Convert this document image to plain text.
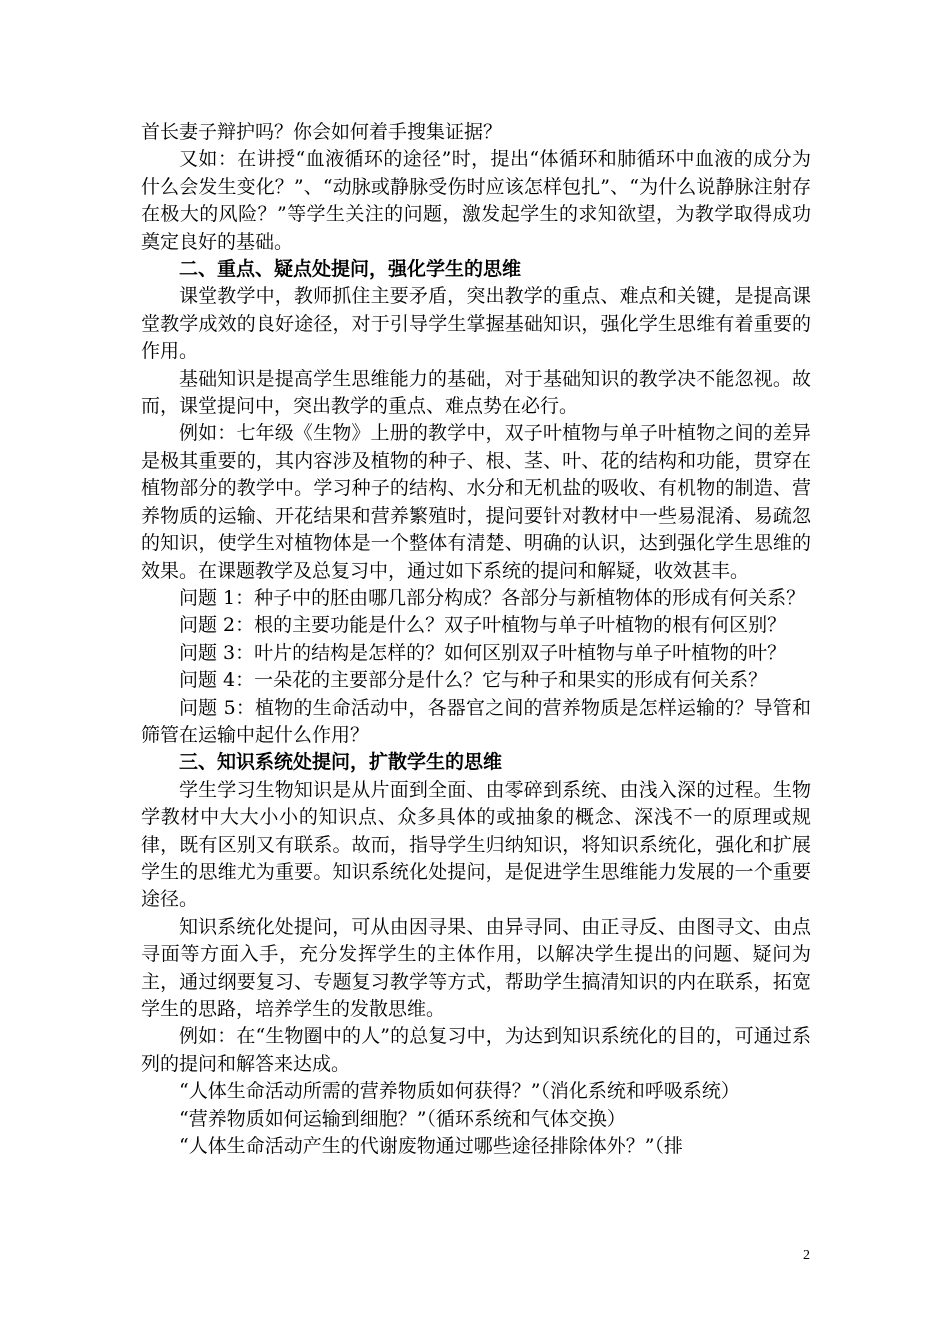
首长妻子辩护吗？你会如何着手搜集证据？

又如：在讲授“血液循环的途径”时，提出“体循环和肺循环中血液的成分为什么会发生变化？”、“动脉或静脉受伤时应该怎样包扎”、“为什么说静脉注射存在极大的风险？”等学生关注的问题，激发起学生的求知欲望，为教学取得成功奠定良好的基础。

二、重点、疑点处提问，强化学生的思维

课堂教学中，教师抓住主要矛盾，突出教学的重点、难点和关键，是提高课堂教学成效的良好途径，对于引导学生掌握基础知识，强化学生思维有着重要的作用。

基础知识是提高学生思维能力的基础，对于基础知识的教学决不能忽视。故而，课堂提问中，突出教学的重点、难点势在必行。

例如：七年级《生物》上册的教学中，双子叶植物与单子叶植物之间的差异是极其重要的，其内容涉及植物的种子、根、茎、叶、花的结构和功能，贯穿在植物部分的教学中。学习种子的结构、水分和无机盐的吸收、有机物的制造、营养物质的运输、开花结果和营养繁殖时，提问要针对教材中一些易混淆、易疏忽的知识，使学生对植物体是一个整体有清楚、明确的认识，达到强化学生思维的效果。在课题教学及总复习中，通过如下系统的提问和解疑，收效甚丰。

问题 1：种子中的胚由哪几部分构成？各部分与新植物体的形成有何关系？

问题 2：根的主要功能是什么？双子叶植物与单子叶植物的根有何区别？

问题 3：叶片的结构是怎样的？如何区别双子叶植物与单子叶植物的叶？

问题 4：一朵花的主要部分是什么？它与种子和果实的形成有何关系？

问题 5：植物的生命活动中，各器官之间的营养物质是怎样运输的？导管和筛管在运输中起什么作用？

三、知识系统处提问，扩散学生的思维

学生学习生物知识是从片面到全面、由零碎到系统、由浅入深的过程。生物学教材中大大小小的知识点、众多具体的或抽象的概念、深浅不一的原理或规律，既有区别又有联系。故而，指导学生归纳知识，将知识系统化，强化和扩展学生的思维尤为重要。知识系统化处提问，是促进学生思维能力发展的一个重要途径。

知识系统化处提问，可从由因寻果、由异寻同、由正寻反、由图寻文、由点寻面等方面入手，充分发挥学生的主体作用，以解决学生提出的问题、疑问为主，通过纲要复习、专题复习教学等方式，帮助学生搞清知识的内在联系，拓宽学生的思路，培养学生的发散思维。

例如：在“生物圈中的人”的总复习中，为达到知识系统化的目的，可通过系列的提问和解答来达成。

“人体生命活动所需的营养物质如何获得？”（消化系统和呼吸系统）

“营养物质如何运输到细胞？”（循环系统和气体交换）

“人体生命活动产生的代谢废物通过哪些途径排除体外？”（排

2
